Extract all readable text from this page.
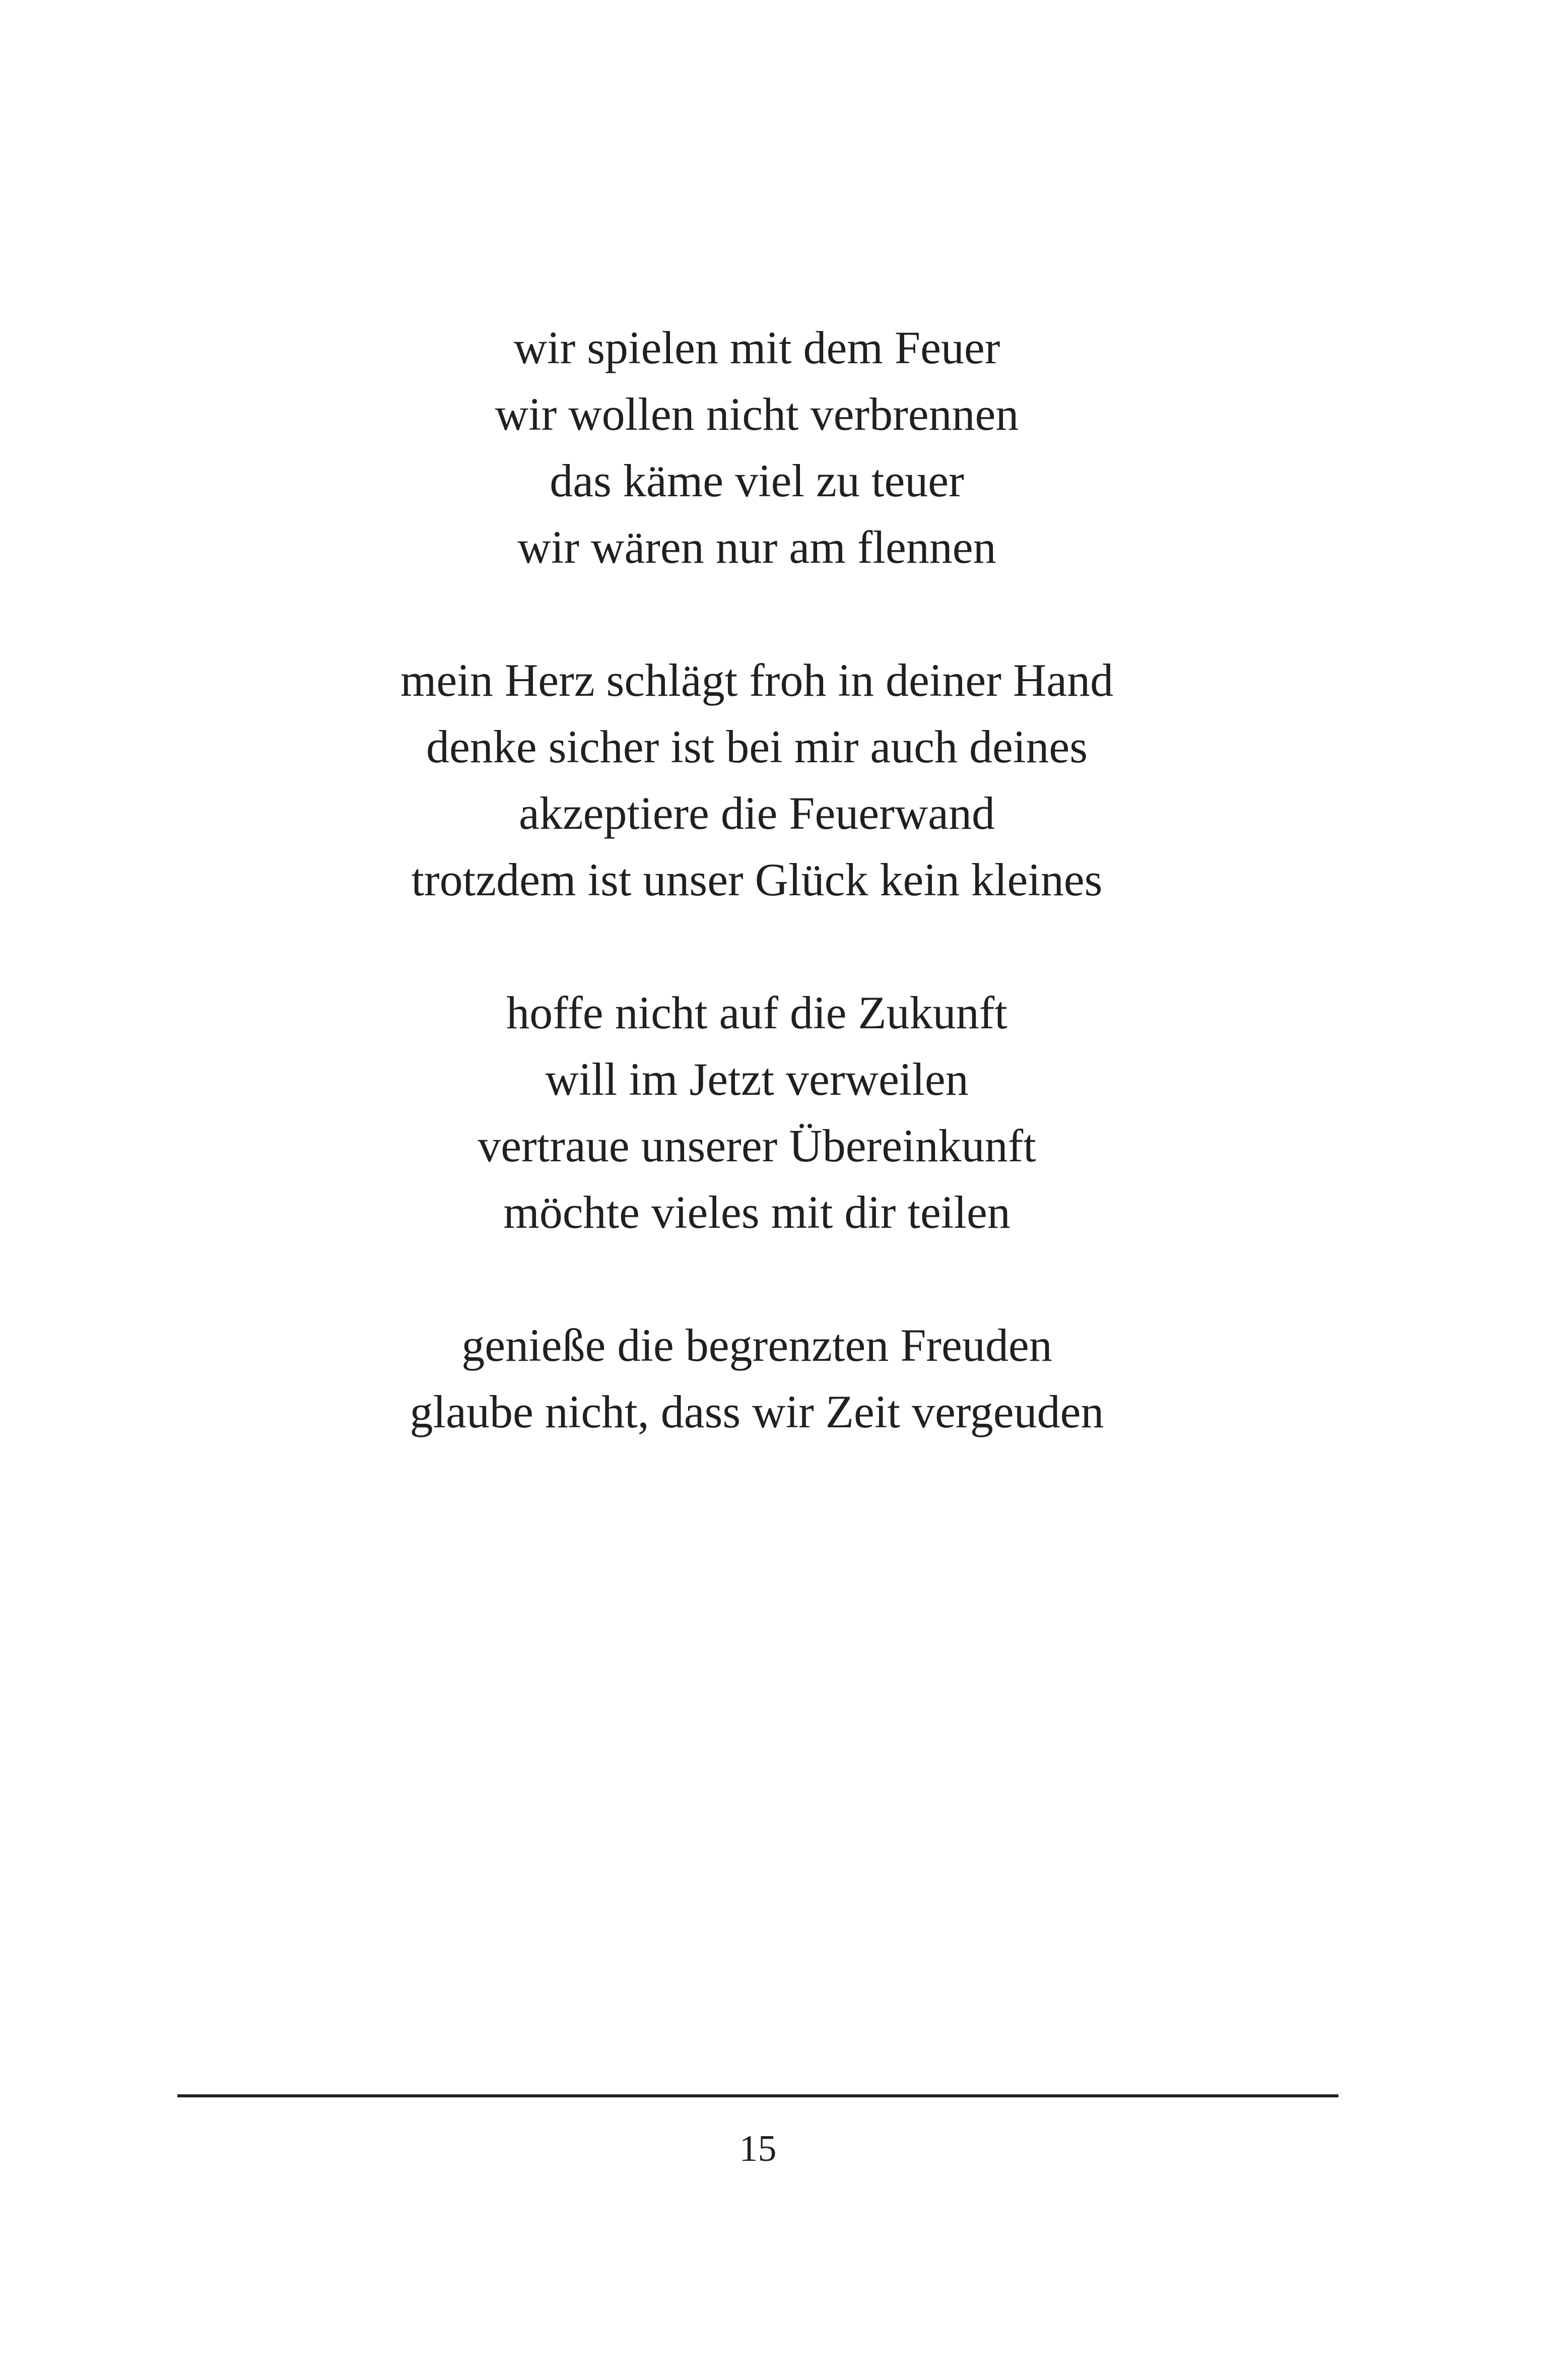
wir spielen mit dem Feuer
wir wollen nicht verbrennen
das käme viel zu teuer
wir wären nur am flennen
mein Herz schlägt froh in deiner Hand
denke sicher ist bei mir auch deines
akzeptiere die Feuerwand
trotzdem ist unser Glück kein kleines
hoffe nicht auf die Zukunft
will im Jetzt verweilen
vertraue unserer Übereinkunft
möchte vieles mit dir teilen
genieße die begrenzten Freuden
glaube nicht, dass wir Zeit vergeuden
15
